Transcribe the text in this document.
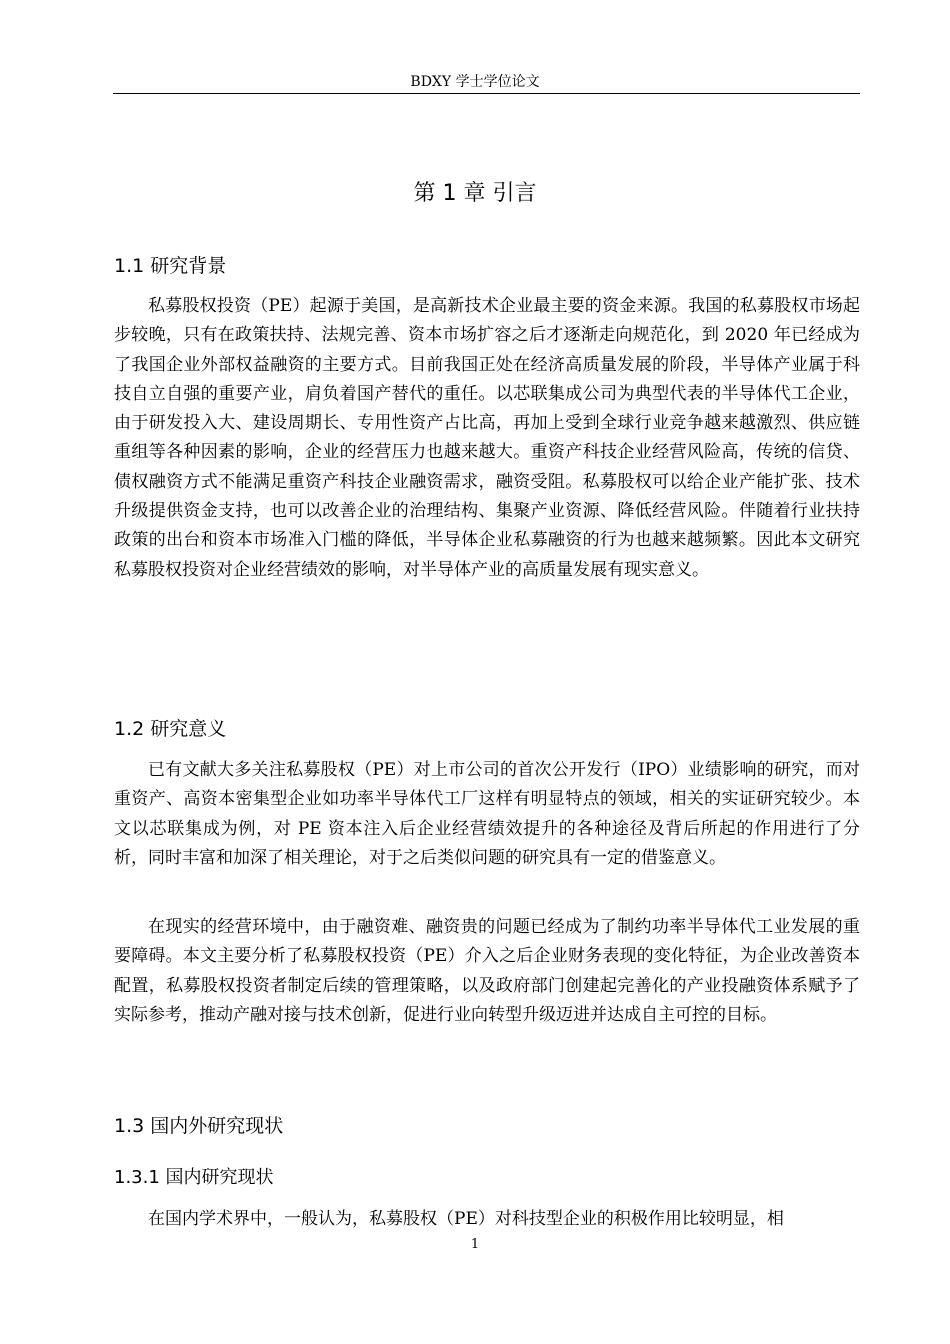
BDXY 学士学位论文
第 1 章 引言
1.1 研究背景

私募股权投资（PE）起源于美国，是高新技术企业最主要的资金来源。我国的私募股权市场起步较晚，只有在政策扶持、法规完善、资本市场扩容之后才逐渐走向规范化，到 2020 年已经成为了我国企业外部权益融资的主要方式。目前我国正处在经济高质量发展的阶段，半导体产业属于科技自立自强的重要产业，肩负着国产替代的重任。以芯联集成公司为典型代表的半导体代工企业，由于研发投入大、建设周期长、专用性资产占比高，再加上受到全球行业竞争越来越激烈、供应链重组等各种因素的影响，企业的经营压力也越来越大。重资产科技企业经营风险高，传统的信贷、债权融资方式不能满足重资产科技企业融资需求，融资受阻。私募股权可以给企业产能扩张、技术升级提供资金支持，也可以改善企业的治理结构、集聚产业资源、降低经营风险。伴随着行业扶持政策的出台和资本市场准入门槛的降低，半导体企业私募融资的行为也越来越频繁。因此本文研究私募股权投资对企业经营绩效的影响，对半导体产业的高质量发展有现实意义。

1.2 研究意义

已有文献大多关注私募股权（PE）对上市公司的首次公开发行（IPO）业绩影响的研究，而对重资产、高资本密集型企业如功率半导体代工厂这样有明显特点的领域，相关的实证研究较少。本文以芯联集成为例，对 PE 资本注入后企业经营绩效提升的各种途径及背后所起的作用进行了分析，同时丰富和加深了相关理论，对于之后类似问题的研究具有一定的借鉴意义。

在现实的经营环境中，由于融资难、融资贵的问题已经成为了制约功率半导体代工业发展的重要障碍。本文主要分析了私募股权投资（PE）介入之后企业财务表现的变化特征，为企业改善资本配置，私募股权投资者制定后续的管理策略，以及政府部门创建起完善化的产业投融资体系赋予了实际参考，推动产融对接与技术创新，促进行业向转型升级迈进并达成自主可控的目标。

1.3 国内外研究现状
1.3.1 国内研究现状

在国内学术界中，一般认为，私募股权（PE）对科技型企业的积极作用比较明显，相

1
